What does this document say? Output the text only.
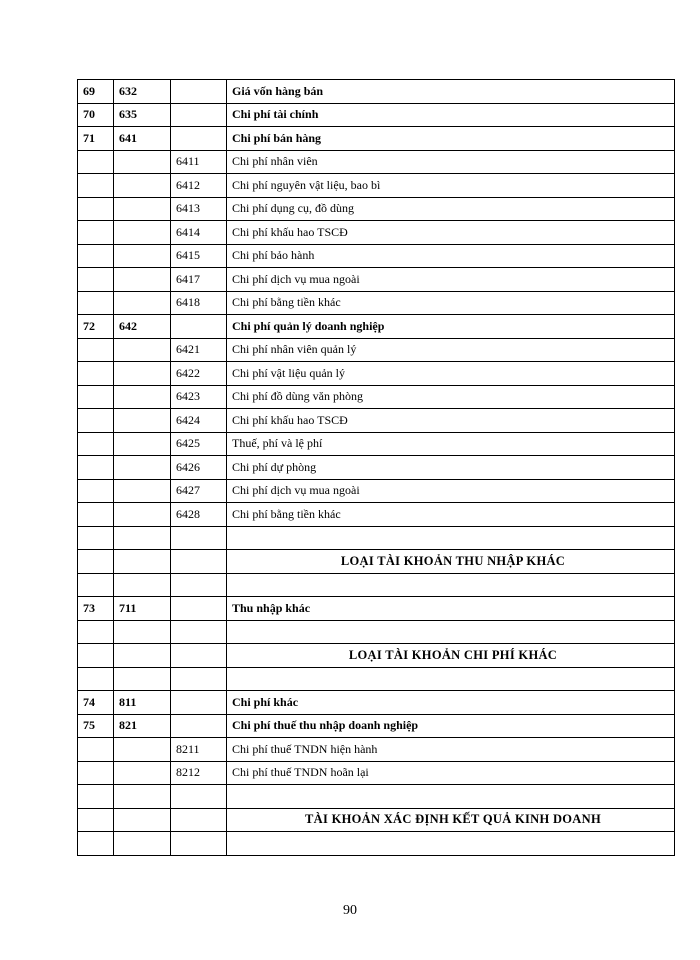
69	632		Giá vốn hàng bán
70	635		Chi phí tài chính
71	641		Chi phí bán hàng
		6411	Chi phí nhân viên
		6412	Chi phí nguyên vật liệu, bao bì
		6413	Chi phí dụng cụ, đồ dùng
		6414	Chi phí khấu hao TSCĐ
		6415	Chi phí bảo hành
		6417	Chi phí dịch vụ mua ngoài
		6418	Chi phí bằng tiền khác
72	642		Chi phí quản lý doanh nghiệp
		6421	Chi phí nhân viên quản lý
		6422	Chi phí vật liệu quản lý
		6423	Chi phí đồ dùng văn phòng
		6424	Chi phí khấu hao TSCĐ
		6425	Thuế, phí và lệ phí
		6426	Chi phí dự phòng
		6427	Chi phí dịch vụ mua ngoài
		6428	Chi phí bằng tiền khác

			LOẠI TÀI KHOẢN THU NHẬP KHÁC

73	711		Thu nhập khác

			LOẠI TÀI KHOẢN CHI PHÍ KHÁC

74	811		Chi phí khác
75	821		Chi phí thuế thu nhập doanh nghiệp
		8211	Chi phí thuế TNDN hiện hành
		8212	Chi phí thuế TNDN hoãn lại

			TÀI KHOẢN XÁC ĐỊNH KẾT QUẢ KINH DOANH

90
